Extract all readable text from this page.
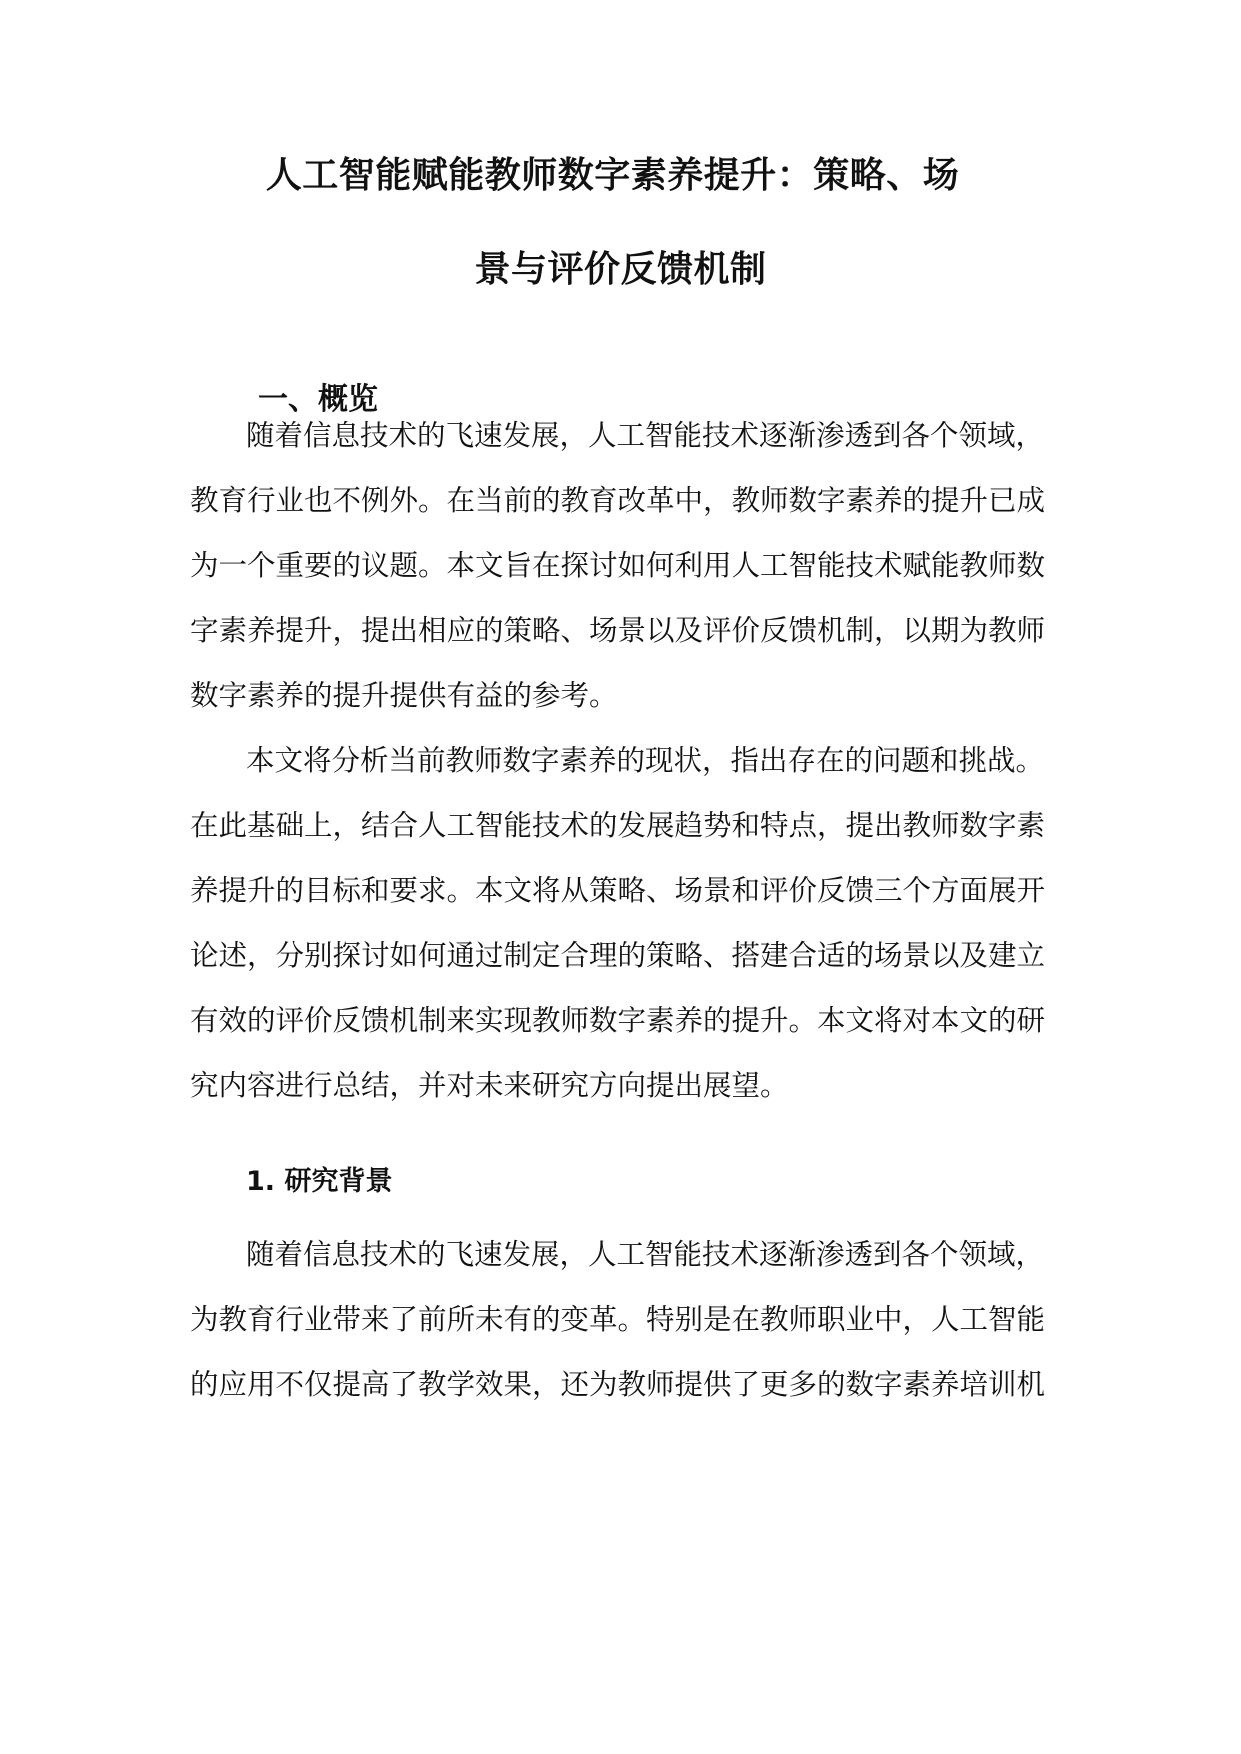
人工智能赋能教师数字素养提升：策略、场
景与评价反馈机制
一、概览
随着信息技术的飞速发展，人工智能技术逐渐渗透到各个领域，
教育行业也不例外。在当前的教育改革中，教师数字素养的提升已成
为一个重要的议题。本文旨在探讨如何利用人工智能技术赋能教师数
字素养提升，提出相应的策略、场景以及评价反馈机制，以期为教师
数字素养的提升提供有益的参考。
本文将分析当前教师数字素养的现状，指出存在的问题和挑战。
在此基础上，结合人工智能技术的发展趋势和特点，提出教师数字素
养提升的目标和要求。本文将从策略、场景和评价反馈三个方面展开
论述，分别探讨如何通过制定合理的策略、搭建合适的场景以及建立
有效的评价反馈机制来实现教师数字素养的提升。本文将对本文的研
究内容进行总结，并对未来研究方向提出展望。
1. 研究背景
随着信息技术的飞速发展，人工智能技术逐渐渗透到各个领域，
为教育行业带来了前所未有的变革。特别是在教师职业中，人工智能
的应用不仅提高了教学效果，还为教师提供了更多的数字素养培训机
